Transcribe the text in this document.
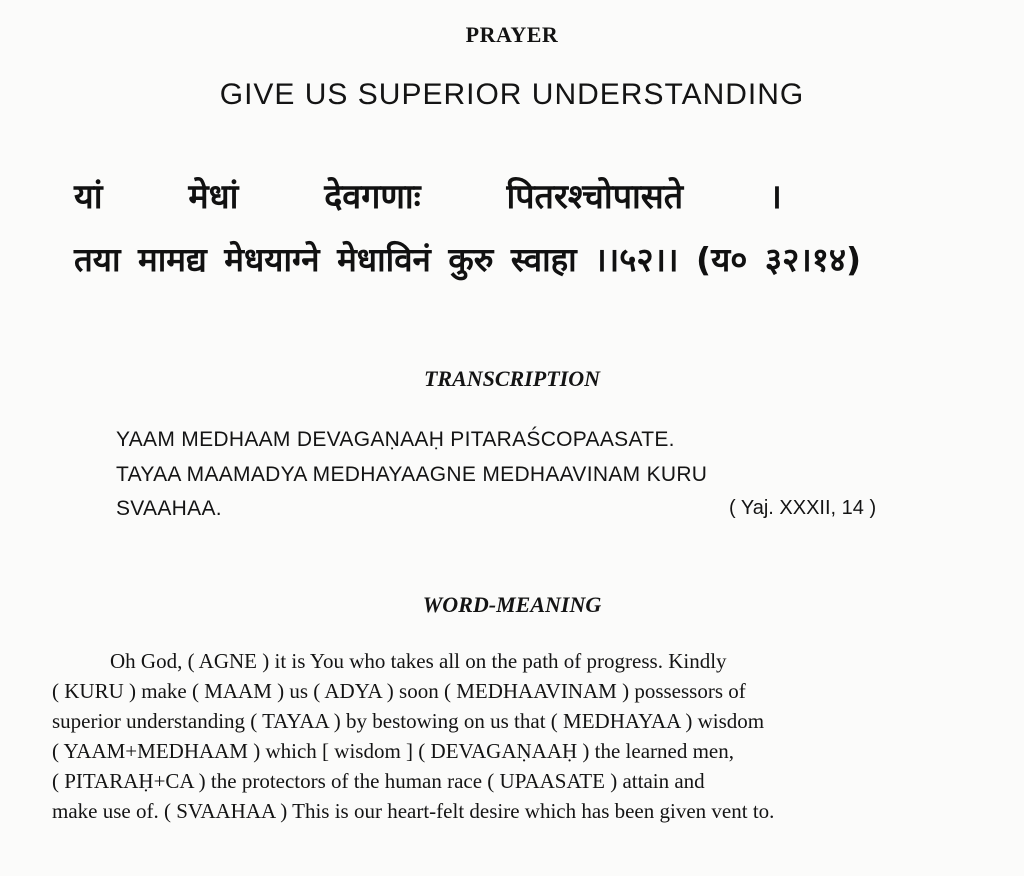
PRAYER
GIVE US SUPERIOR UNDERSTANDING
यां मेधां देवगणाः पितरश्चोपासते ।
तया मामद्य मेधयाग्ने मेधाविनं कुरु स्वाहा ।।५२।। (य० ३२।१४)
TRANSCRIPTION
YAAM MEDHAAM DEVAGAṆAAḤ PITARAŚCOPAASATE.
TAYAA MAAMADYA MEDHAYAAGNE MEDHAAVINAM KURU
SVAAHAA.	( Yaj. XXXII, 14 )
WORD-MEANING
Oh God, ( AGNE ) it is You who takes all on the path of progress. Kindly
( KURU ) make ( MAAM ) us ( ADYA ) soon ( MEDHAAVINAM ) possessors of
superior understanding ( TAYAA ) by bestowing on us that ( MEDHAYAA ) wisdom
( YAAM+MEDHAAM ) which [ wisdom ] ( DEVAGAṆAAḤ ) the learned men,
( PITARAḤ+CA ) the protectors of the human race ( UPAASATE ) attain and
make use of. ( SVAAHAA ) This is our heart-felt desire which has been given vent to.
